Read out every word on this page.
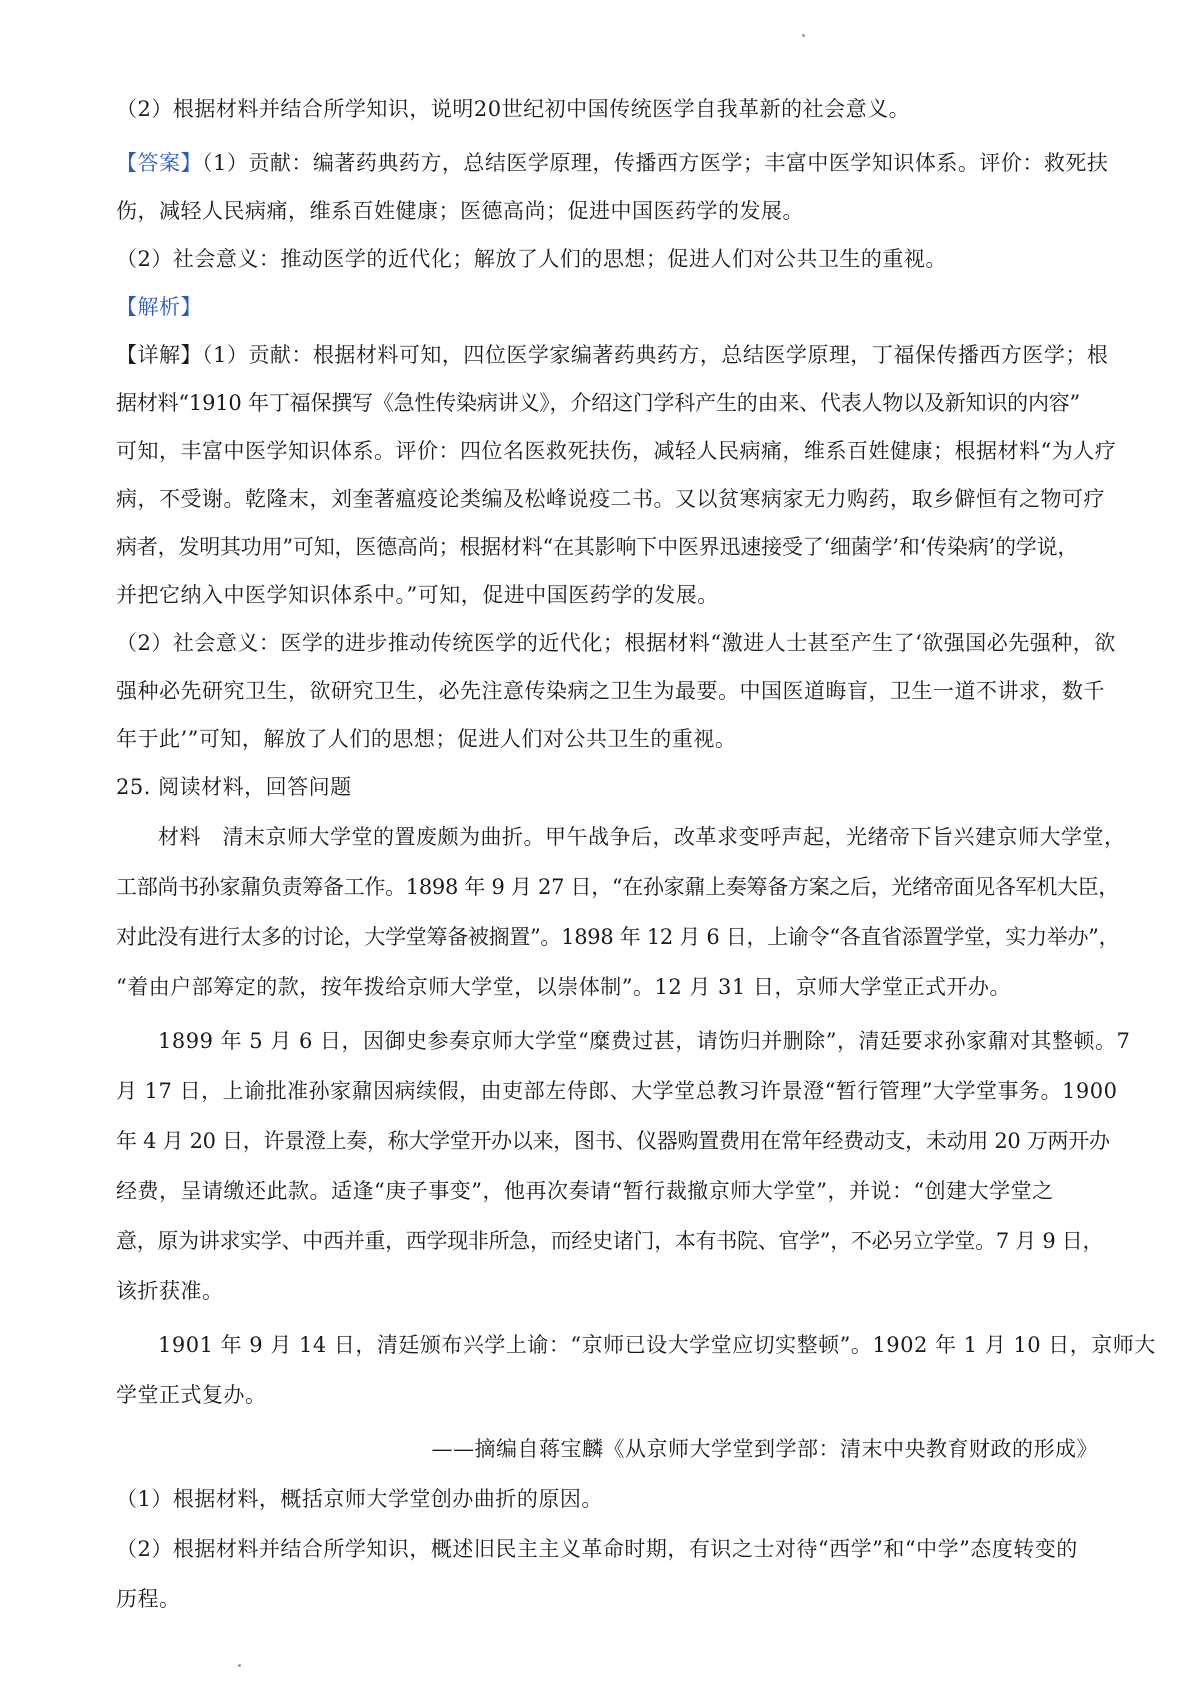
（2）根据材料并结合所学知识，说明20世纪初中国传统医学自我革新的社会意义。
【答案】（1）贡献：编著药典药方，总结医学原理，传播西方医学；丰富中医学知识体系。评价：救死扶
伤，减轻人民病痛，维系百姓健康；医德高尚；促进中国医药学的发展。
（2）社会意义：推动医学的近代化；解放了人们的思想；促进人们对公共卫生的重视。
【解析】
【详解】（1）贡献：根据材料可知，四位医学家编著药典药方，总结医学原理，丁福保传播西方医学；根
据材料“1910 年丁福保撰写《急性传染病讲义》，介绍这门学科产生的由来、代表人物以及新知识的内容”
可知，丰富中医学知识体系。评价：四位名医救死扶伤，减轻人民病痛，维系百姓健康；根据材料“为人疗
病，不受谢。乾隆末，刘奎著瘟疫论类编及松峰说疫二书。又以贫寒病家无力购药，取乡僻恒有之物可疗
病者，发明其功用”可知，医德高尚；根据材料“在其影响下中医界迅速接受了‘细菌学’和‘传染病’的学说，
并把它纳入中医学知识体系中。”可知，促进中国医药学的发展。
（2）社会意义：医学的进步推动传统医学的近代化；根据材料“激进人士甚至产生了‘欲强国必先强种，欲
强种必先研究卫生，欲研究卫生，必先注意传染病之卫生为最要。中国医道晦盲，卫生一道不讲求，数千
年于此’”可知，解放了人们的思想；促进人们对公共卫生的重视。
25. 阅读材料，回答问题
材料　清末京师大学堂的置废颇为曲折。甲午战争后，改革求变呼声起，光绪帝下旨兴建京师大学堂，
工部尚书孙家鼐负责筹备工作。1898 年 9 月 27 日，“在孙家鼐上奏筹备方案之后，光绪帝面见各军机大臣，
对此没有进行太多的讨论，大学堂筹备被搁置”。1898 年 12 月 6 日，上谕令“各直省添置学堂，实力举办”，
“着由户部筹定的款，按年拨给京师大学堂，以崇体制”。12 月 31 日，京师大学堂正式开办。
1899 年 5 月 6 日，因御史参奏京师大学堂“糜费过甚，请饬归并删除”，清廷要求孙家鼐对其整顿。7
月 17 日，上谕批准孙家鼐因病续假，由吏部左侍郎、大学堂总教习许景澄“暂行管理”大学堂事务。1900
年 4 月 20 日，许景澄上奏，称大学堂开办以来，图书、仪器购置费用在常年经费动支，未动用 20 万两开办
经费，呈请缴还此款。适逢“庚子事变”，他再次奏请“暂行裁撤京师大学堂”，并说：“创建大学堂之
意，原为讲求实学、中西并重，西学现非所急，而经史诸门，本有书院、官学”，不必另立学堂。7 月 9 日，
该折获准。
1901 年 9 月 14 日，清廷颁布兴学上谕：“京师已设大学堂应切实整顿”。1902 年 1 月 10 日，京师大
学堂正式复办。
——摘编自蒋宝麟《从京师大学堂到学部：清末中央教育财政的形成》
（1）根据材料，概括京师大学堂创办曲折的原因。
（2）根据材料并结合所学知识，概述旧民主主义革命时期，有识之士对待“西学”和“中学”态度转变的
历程。
